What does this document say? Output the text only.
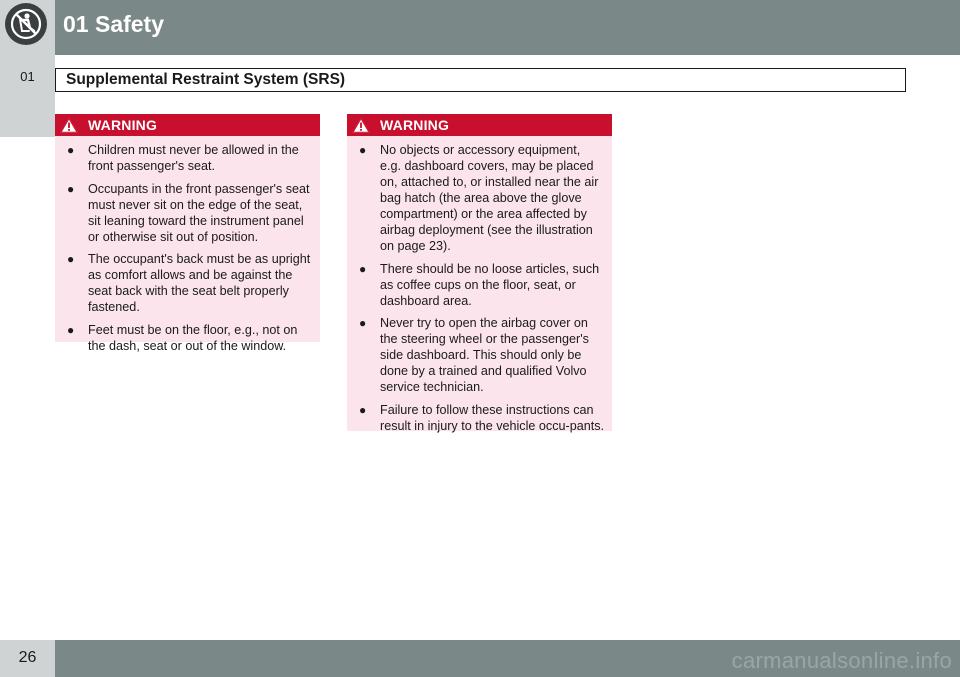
01 Safety
01	Supplemental Restraint System (SRS)
WARNING
● Children must never be allowed in the front passenger's seat.
● Occupants in the front passenger's seat must never sit on the edge of the seat, sit leaning toward the instrument panel or otherwise sit out of position.
● The occupant's back must be as upright as comfort allows and be against the seat back with the seat belt properly fastened.
● Feet must be on the floor, e.g., not on the dash, seat or out of the window.
WARNING
● No objects or accessory equipment, e.g. dashboard covers, may be placed on, attached to, or installed near the air bag hatch (the area above the glove compartment) or the area affected by airbag deployment (see the illustration on page 23).
● There should be no loose articles, such as coffee cups on the floor, seat, or dashboard area.
● Never try to open the airbag cover on the steering wheel or the passenger's side dashboard. This should only be done by a trained and qualified Volvo service technician.
● Failure to follow these instructions can result in injury to the vehicle occu-pants.
26	carmanualsonline.info
